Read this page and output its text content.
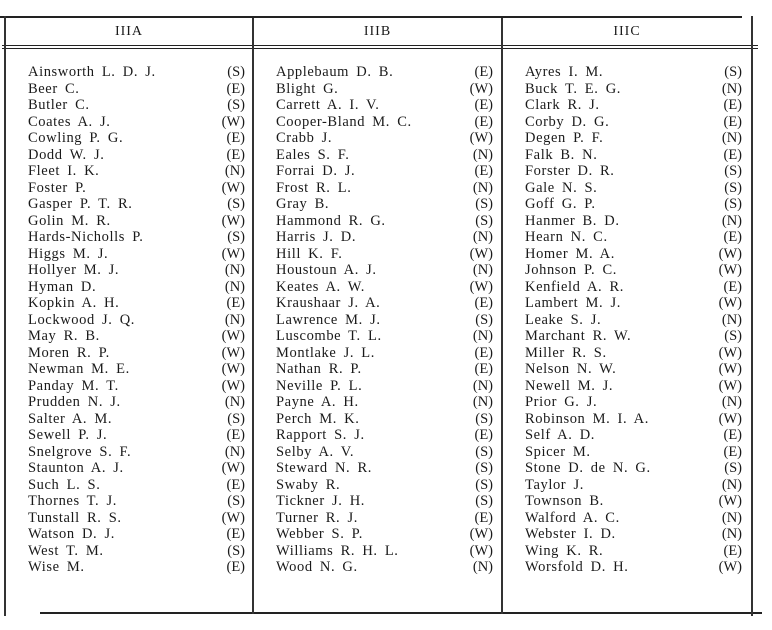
IIIA	IIIB	IIIC
Ainsworth L. D. J.	(S)
Beer C.	(E)
Butler C.	(S)
Coates A. J.	(W)
Cowling P. G.	(E)
Dodd W. J.	(E)
Fleet I. K.	(N)
Foster P.	(W)
Gasper P. T. R.	(S)
Golin M. R.	(W)
Hards-Nicholls P.	(S)
Higgs M. J.	(W)
Hollyer M. J.	(N)
Hyman D.	(N)
Kopkin A. H.	(E)
Lockwood J. Q.	(N)
May R. B.	(W)
Moren R. P.	(W)
Newman M. E.	(W)
Panday M. T.	(W)
Prudden N. J.	(N)
Salter A. M.	(S)
Sewell P. J.	(E)
Snelgrove S. F.	(N)
Staunton A. J.	(W)
Such L. S.	(E)
Thornes T. J.	(S)
Tunstall R. S.	(W)
Watson D. J.	(E)
West T. M.	(S)
Wise M.	(E)
Applebaum D. B.	(E)
Blight G.	(W)
Carrett A. I. V.	(E)
Cooper-Bland M. C.	(E)
Crabb J.	(W)
Eales S. F.	(N)
Forrai D. J.	(E)
Frost R. L.	(N)
Gray B.	(S)
Hammond R. G.	(S)
Harris J. D.	(N)
Hill K. F.	(W)
Houstoun A. J.	(N)
Keates A. W.	(W)
Kraushaar J. A.	(E)
Lawrence M. J.	(S)
Luscombe T. L.	(N)
Montlake J. L.	(E)
Nathan R. P.	(E)
Neville P. L.	(N)
Payne A. H.	(N)
Perch M. K.	(S)
Rapport S. J.	(E)
Selby A. V.	(S)
Steward N. R.	(S)
Swaby R.	(S)
Tickner J. H.	(S)
Turner R. J.	(E)
Webber S. P.	(W)
Williams R. H. L.	(W)
Wood N. G.	(N)
Ayres I. M.	(S)
Buck T. E. G.	(N)
Clark R. J.	(E)
Corby D. G.	(E)
Degen P. F.	(N)
Falk B. N.	(E)
Forster D. R.	(S)
Gale N. S.	(S)
Goff G. P.	(S)
Hanmer B. D.	(N)
Hearn N. C.	(E)
Homer M. A.	(W)
Johnson P. C.	(W)
Kenfield A. R.	(E)
Lambert M. J.	(W)
Leake S. J.	(N)
Marchant R. W.	(S)
Miller R. S.	(W)
Nelson N. W.	(W)
Newell M. J.	(W)
Prior G. J.	(N)
Robinson M. I. A.	(W)
Self A. D.	(E)
Spicer M.	(E)
Stone D. de N. G.	(S)
Taylor J.	(N)
Townson B.	(W)
Walford A. C.	(N)
Webster I. D.	(N)
Wing K. R.	(E)
Worsfold D. H.	(W)
